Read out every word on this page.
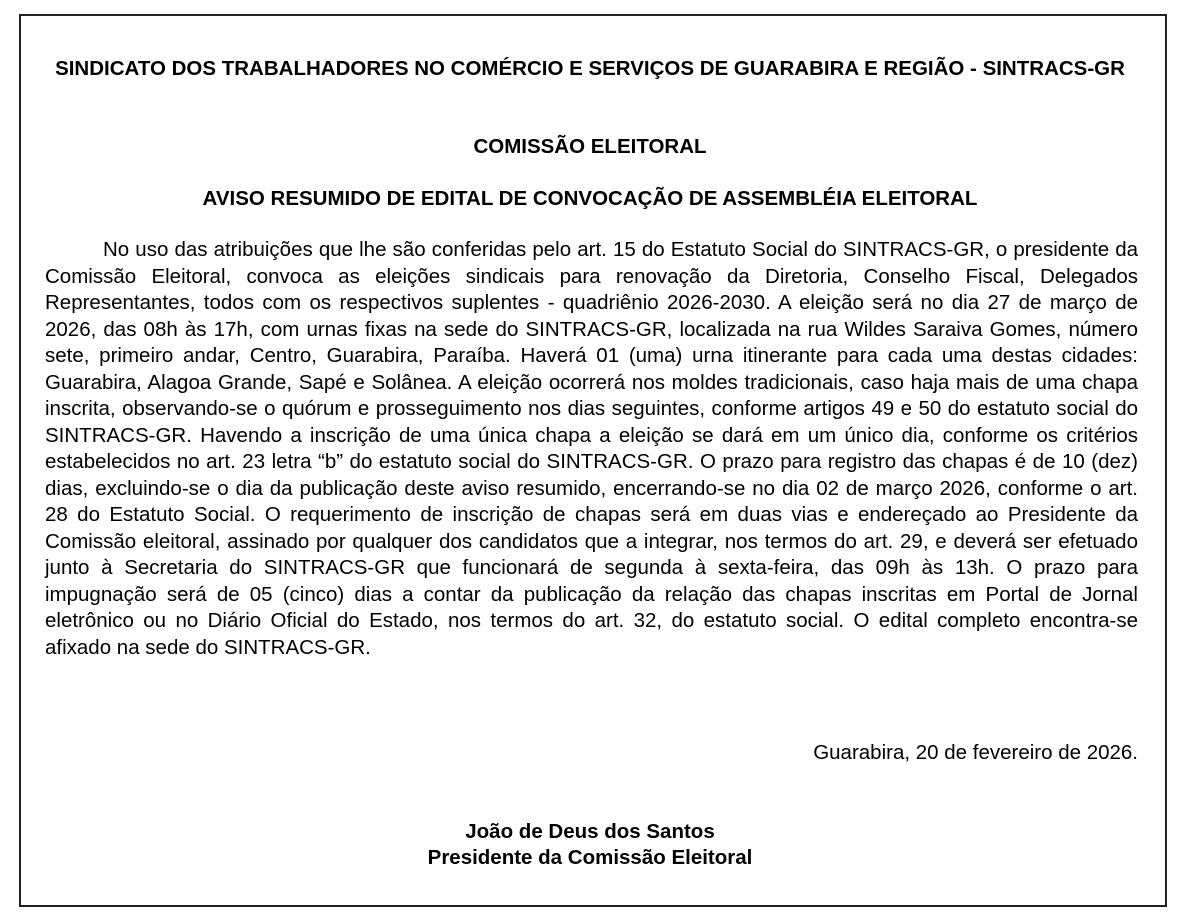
SINDICATO DOS TRABALHADORES NO COMÉRCIO E SERVIÇOS DE GUARABIRA E REGIÃO - SINTRACS-GR
COMISSÃO ELEITORAL
AVISO RESUMIDO DE EDITAL DE CONVOCAÇÃO DE ASSEMBLÉIA ELEITORAL

No uso das atribuições que lhe são conferidas pelo art. 15 do Estatuto Social do SINTRACS-GR, o presidente da Comissão Eleitoral, convoca as eleições sindicais para renovação da Diretoria, Conselho Fiscal, Delegados Representantes, todos com os respectivos suplentes - quadriênio 2026-2030. A eleição será no dia 27 de março de 2026, das 08h às 17h, com urnas fixas na sede do SINTRACS-GR, localizada na rua Wildes Saraiva Gomes, número sete, primeiro andar, Centro, Guarabira, Paraíba. Haverá 01 (uma) urna itinerante para cada uma destas cidades: Guarabira, Alagoa Grande, Sapé e Solânea. A eleição ocorrerá nos moldes tradicionais, caso haja mais de uma chapa inscrita, observando-se o quórum e prosseguimento nos dias seguintes, conforme artigos 49 e 50 do estatuto social do SINTRACS-GR. Havendo a inscrição de uma única chapa a eleição se dará em um único dia, conforme os critérios estabelecidos no art. 23 letra “b” do estatuto social do SINTRACS-GR. O prazo para registro das chapas é de 10 (dez) dias, excluindo-se o dia da publicação deste aviso resumido, encerrando-se no dia 02 de março 2026, conforme o art. 28 do Estatuto Social. O requerimento de inscrição de chapas será em duas vias e endereçado ao Presidente da Comissão eleitoral, assinado por qualquer dos candidatos que a integrar, nos termos do art. 29, e deverá ser efetuado junto à Secretaria do SINTRACS-GR que funcionará de segunda à sexta-feira, das 09h às 13h. O prazo para impugnação será de 05 (cinco) dias a contar da publicação da relação das chapas inscritas em Portal de Jornal eletrônico ou no Diário Oficial do Estado, nos termos do art. 32, do estatuto social. O edital completo encontra-se afixado na sede do SINTRACS-GR.

Guarabira, 20 de fevereiro de 2026.
João de Deus dos Santos
Presidente da Comissão Eleitoral
